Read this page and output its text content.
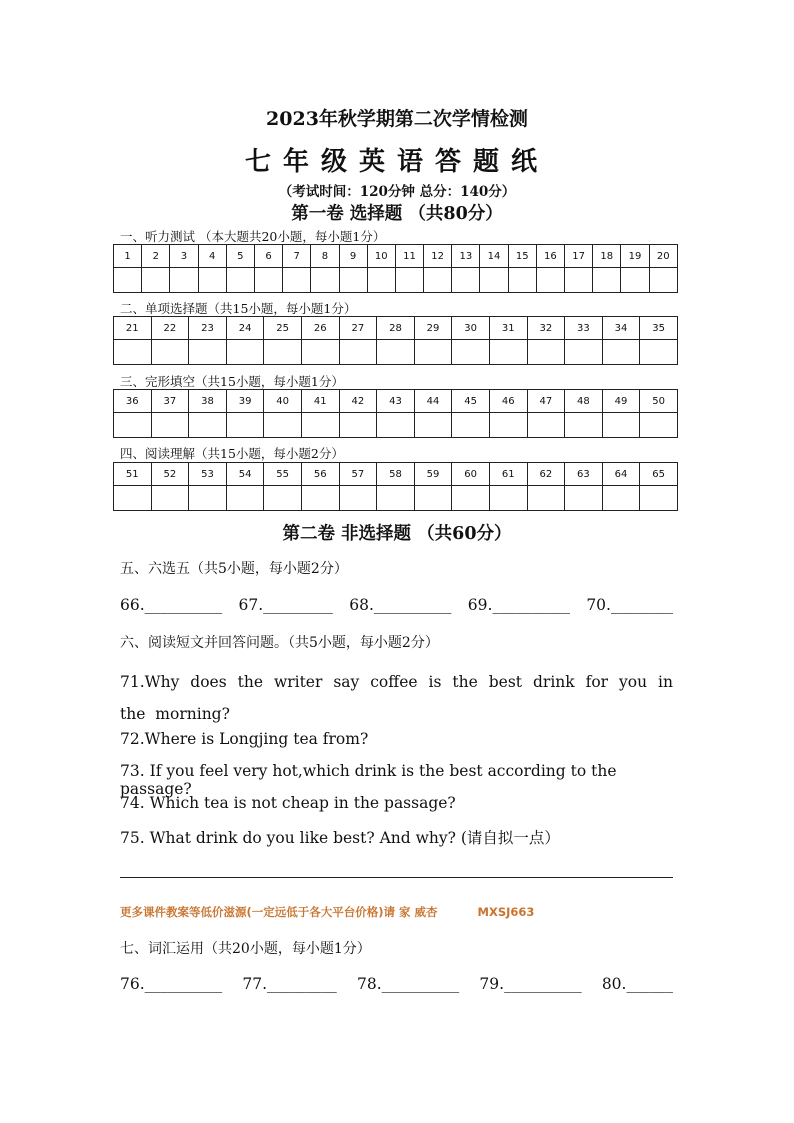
2023年秋学期第二次学情检测
七年级英语答题纸
（考试时间：120分钟 总分：140分）
第一卷 选择题 （共80分）
一、听力测试 （本大题共20小题，每小题1分）
1	2	3	4	5	6	7	8	9	10	11	12	13	14	15	16	17	18	19	20

二、单项选择题（共15小题，每小题1分）
21	22	23	24	25	26	27	28	29	30	31	32	33	34	35

三、完形填空（共15小题，每小题1分）
36	37	38	39	40	41	42	43	44	45	46	47	48	49	50

四、阅读理解（共15小题，每小题2分）
51	52	53	54	55	56	57	58	59	60	61	62	63	64	65

第二卷 非选择题 （共60分）
五、六选五（共5小题，每小题2分）
66.__________ 67._________ 68.__________ 69.__________ 70.________
六、阅读短文并回答问题。（共5小题，每小题2分）
71.Why does the writer say coffee is the best drink for you in the morning?
72.Where is Longjing tea from?
73. If you feel very hot,which drink is the best according to the passage?
74. Which tea is not cheap in the passage?
75. What drink do you like best? And why? (请自拟一点）
更多课件教案等低价滋源(一定远低于各大平台价格)请 家 威杏	MXSJ663
七、词汇运用（共20小题，每小题1分）
76.__________ 77._________ 78.__________ 79.__________ 80.______
